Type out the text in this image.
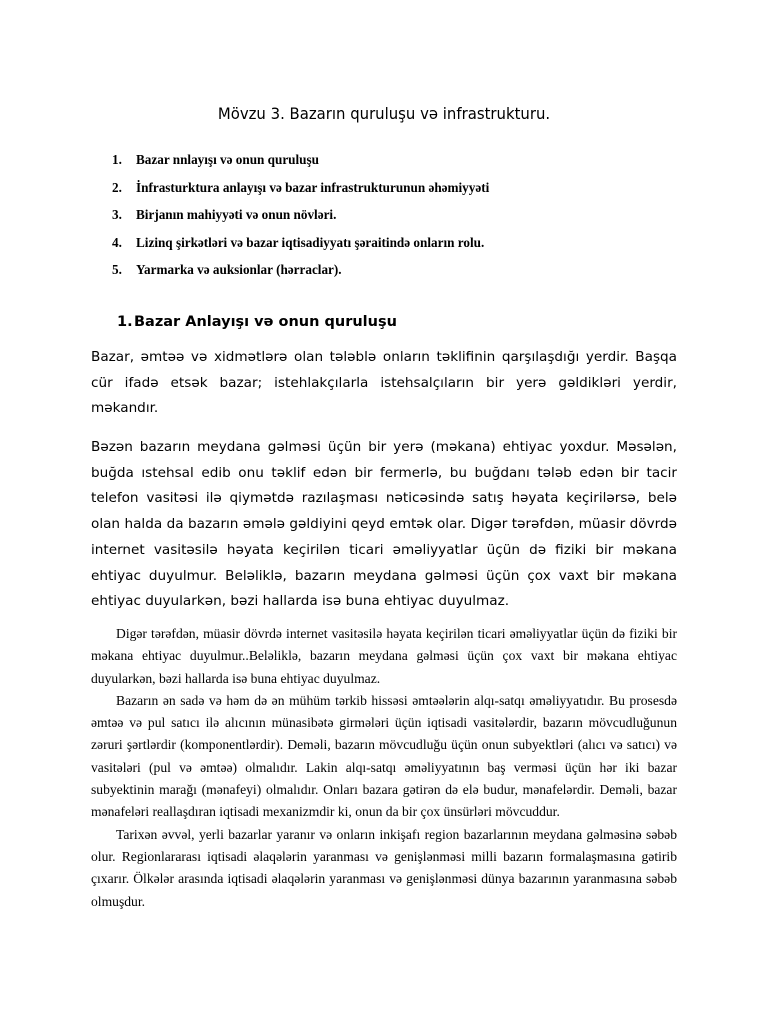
Mövzu 3. Bazarın quruluşu və infrastrukturu.
1. Bazar nnlayışı və onun quruluşu
2. İnfrasturktura anlayışı və bazar infrastrukturunun əhəmiyyəti
3. Birjanın mahiyyəti və onun növləri.
4. Lizinq şirkətləri və bazar iqtisadiyyatı şəraitində onların rolu.
5. Yarmarka və auksionlar (hərraclar).
1.Bazar Anlayışı və onun quruluşu

Bazar, əmtəə və xidmətlərə olan tələblə onların təklifinin qarşılaşdığı yerdir. Başqa cür ifadə etsək bazar; istehlakçılarla istehsalçıların bir yerə gəldikləri yerdir, məkandır.

Bəzən bazarın meydana gəlməsi üçün bir yerə (məkana) ehtiyac yoxdur. Məsələn, buğda ıstehsal edib onu təklif edən bir fermerlə, bu buğdanı tələb edən bir tacir telefon vasitəsi ilə qiymətdə razılaşması nəticəsində satış həyata keçirilərsə, belə olan halda da bazarın əmələ gəldiyini qeyd emtək olar. Digər tərəfdən, müasir dövrdə internet vasitəsilə həyata keçirilən ticari əməliyyatlar üçün də fiziki bir məkana ehtiyac duyulmur. Beləliklə, bazarın meydana gəlməsi üçün çox vaxt bir məkana ehtiyac duyularkən, bəzi hallarda isə buna ehtiyac duyulmaz.

Digər tərəfdən, müasir dövrdə internet vasitəsilə həyata keçirilən ticari əməliyyatlar üçün də fiziki bir məkana ehtiyac duyulmur..Beləliklə, bazarın meydana gəlməsi üçün çox vaxt bir məkana ehtiyac duyularkən, bəzi hallarda isə buna ehtiyac duyulmaz.

Bazarın ən sadə və həm də ən mühüm tərkib hissəsi əmtəələrin alqı-satqı əməliyyatıdır. Bu prosesdə əmtəə və pul satıcı ilə alıcının münasibətə girmələri üçün iqtisadi vasitələrdir, bazarın mövcudluğunun zəruri şərtlərdir (komponentlərdir). Deməli, bazarın mövcudluğu üçün onun subyektləri (alıcı və satıcı) və vasitələri (pul və əmtəə) olmalıdır. Lakin alqı-satqı əməliyyatının baş verməsi üçün hər iki bazar subyektinin marağı (mənafeyi) olmalıdır. Onları bazara gətirən də elə budur, mənafelərdir. Deməli, bazar mənafeləri reallaşdıran iqtisadi mexanizmdir ki, onun da bir çox ünsürləri mövcuddur.

Tarixən əvvəl, yerli bazarlar yaranır və onların inkişafı region bazarlarının meydana gəlməsinə səbəb olur. Regionlararası iqtisadi əlaqələrin yaranması və genişlənməsi milli bazarın formalaşmasına gətirib çıxarır. Ölkələr arasında iqtisadi əlaqələrin yaranması və genişlənməsi dünya bazarının yaranmasına səbəb olmuşdur.
